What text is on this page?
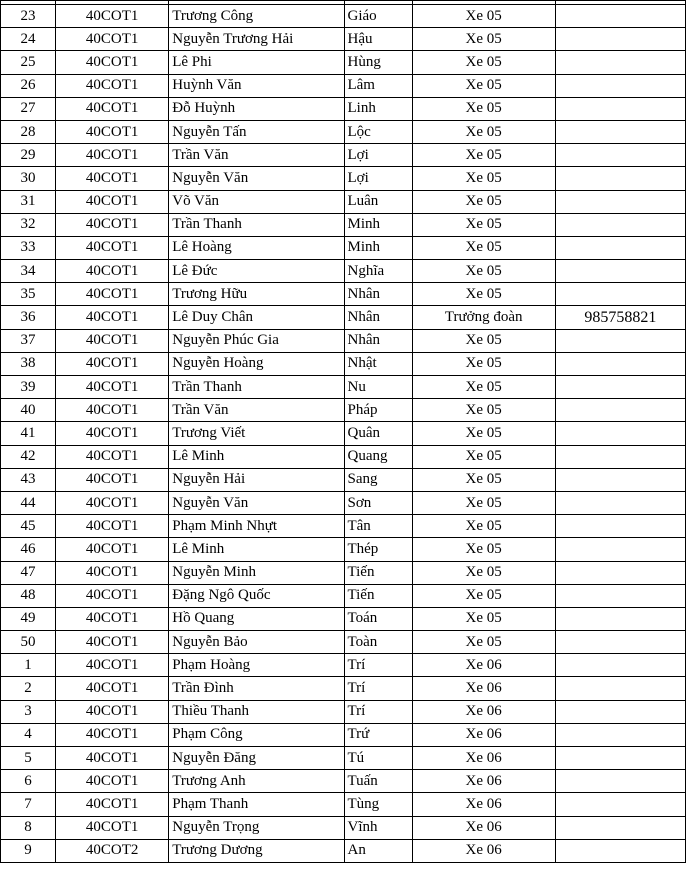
23	40COT1	Trương Công	Giáo	Xe 05	
24	40COT1	Nguyễn Trương Hải	Hậu	Xe 05	
25	40COT1	Lê Phi	Hùng	Xe 05	
26	40COT1	Huỳnh Văn	Lâm	Xe 05	
27	40COT1	Đỗ Huỳnh	Linh	Xe 05	
28	40COT1	Nguyễn Tấn	Lộc	Xe 05	
29	40COT1	Trần Văn	Lợi	Xe 05	
30	40COT1	Nguyễn Văn	Lợi	Xe 05	
31	40COT1	Võ Văn	Luân	Xe 05	
32	40COT1	Trần Thanh	Minh	Xe 05	
33	40COT1	Lê Hoàng	Minh	Xe 05	
34	40COT1	Lê Đức	Nghĩa	Xe 05	
35	40COT1	Trương Hữu	Nhân	Xe 05	
36	40COT1	Lê Duy Chân	Nhân	Trưởng đoàn	985758821
37	40COT1	Nguyễn Phúc Gia	Nhân	Xe 05	
38	40COT1	Nguyễn Hoàng	Nhật	Xe 05	
39	40COT1	Trần Thanh	Nu	Xe 05	
40	40COT1	Trần Văn	Pháp	Xe 05	
41	40COT1	Trương Viết	Quân	Xe 05	
42	40COT1	Lê Minh	Quang	Xe 05	
43	40COT1	Nguyễn Hải	Sang	Xe 05	
44	40COT1	Nguyễn Văn	Sơn	Xe 05	
45	40COT1	Phạm Minh Nhựt	Tân	Xe 05	
46	40COT1	Lê Minh	Thép	Xe 05	
47	40COT1	Nguyễn Minh	Tiến	Xe 05	
48	40COT1	Đặng Ngô Quốc	Tiến	Xe 05	
49	40COT1	Hồ Quang	Toán	Xe 05	
50	40COT1	Nguyễn Bảo	Toàn	Xe 05	
1	40COT1	Phạm Hoàng	Trí	Xe 06	
2	40COT1	Trần Đình	Trí	Xe 06	
3	40COT1	Thiều Thanh	Trí	Xe 06	
4	40COT1	Phạm Công	Trứ	Xe 06	
5	40COT1	Nguyễn Đăng	Tú	Xe 06	
6	40COT1	Trương Anh	Tuấn	Xe 06	
7	40COT1	Phạm Thanh	Tùng	Xe 06	
8	40COT1	Nguyễn Trọng	Vĩnh	Xe 06	
9	40COT2	Trương Dương	An	Xe 06	
